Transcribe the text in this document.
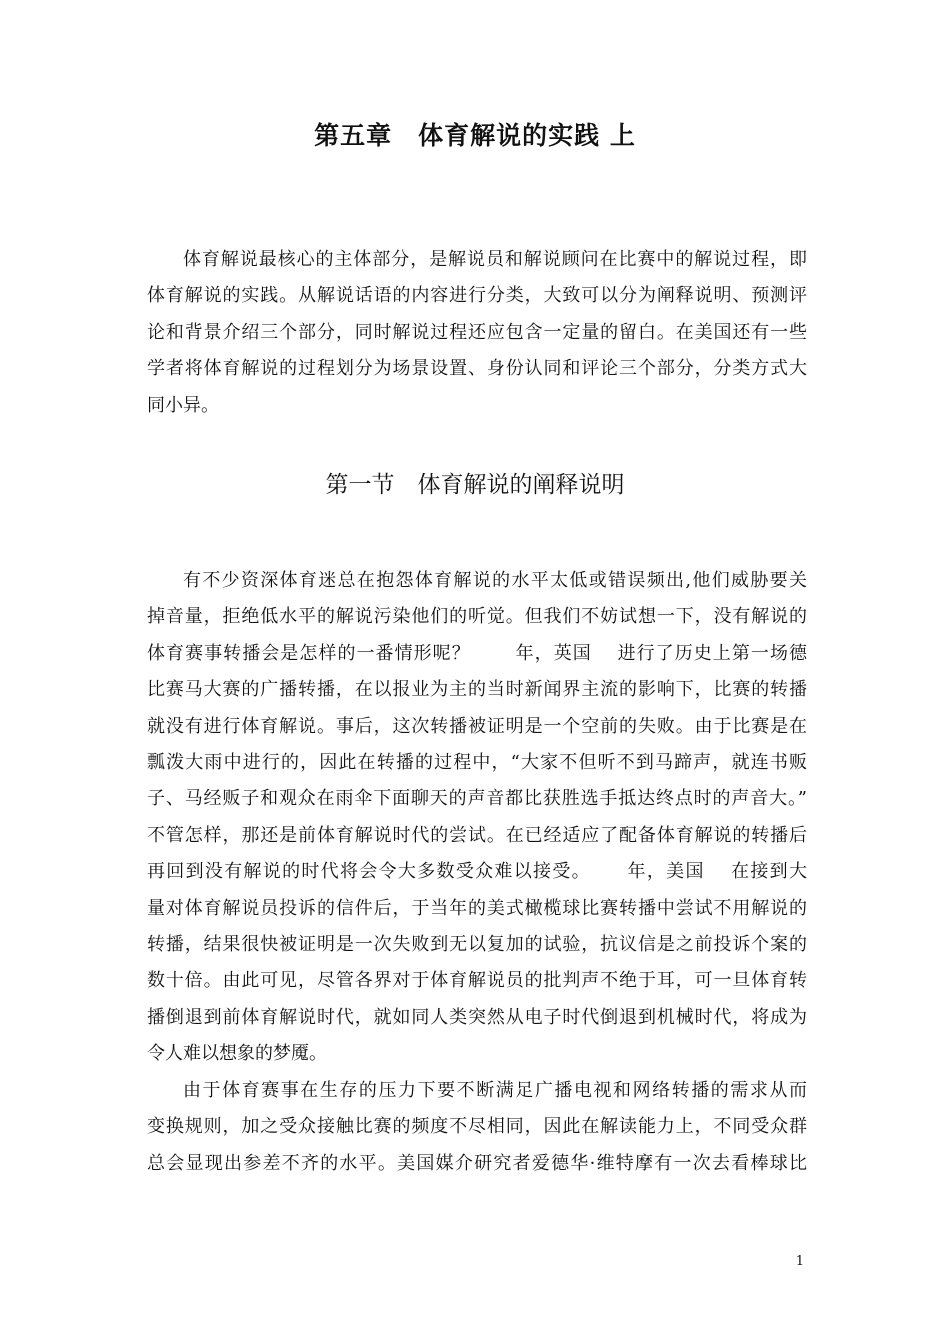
第五章　体育解说的实践 上
体育解说最核心的主体部分，是解说员和解说顾问在比赛中的解说过程，即
体育解说的实践。从解说话语的内容进行分类，大致可以分为阐释说明、预测评
论和背景介绍三个部分，同时解说过程还应包含一定量的留白。在美国还有一些
学者将体育解说的过程划分为场景设置、身份认同和评论三个部分，分类方式大
同小异。
第一节　体育解说的阐释说明
有不少资深体育迷总在抱怨体育解说的水平太低或错误频出,他们威胁要关
掉音量，拒绝低水平的解说污染他们的听觉。但我们不妨试想一下，没有解说的
体育赛事转播会是怎样的一番情形呢？　　 年，英国　 进行了历史上第一场德
比赛马大赛的广播转播，在以报业为主的当时新闻界主流的影响下，比赛的转播
就没有进行体育解说。事后，这次转播被证明是一个空前的失败。由于比赛是在
瓢泼大雨中进行的，因此在转播的过程中，“大家不但听不到马蹄声，就连书贩
子、马经贩子和观众在雨伞下面聊天的声音都比获胜选手抵达终点时的声音大。”
不管怎样，那还是前体育解说时代的尝试。在已经适应了配备体育解说的转播后
再回到没有解说的时代将会令大多数受众难以接受。　　 年，美国　 在接到大
量对体育解说员投诉的信件后，于当年的美式橄榄球比赛转播中尝试不用解说的
转播，结果很快被证明是一次失败到无以复加的试验，抗议信是之前投诉个案的
数十倍。由此可见，尽管各界对于体育解说员的批判声不绝于耳，可一旦体育转
播倒退到前体育解说时代，就如同人类突然从电子时代倒退到机械时代，将成为
令人难以想象的梦魇。
由于体育赛事在生存的压力下要不断满足广播电视和网络转播的需求从而
变换规则，加之受众接触比赛的频度不尽相同，因此在解读能力上，不同受众群
总会显现出参差不齐的水平。美国媒介研究者爱德华·维特摩有一次去看棒球比
1
